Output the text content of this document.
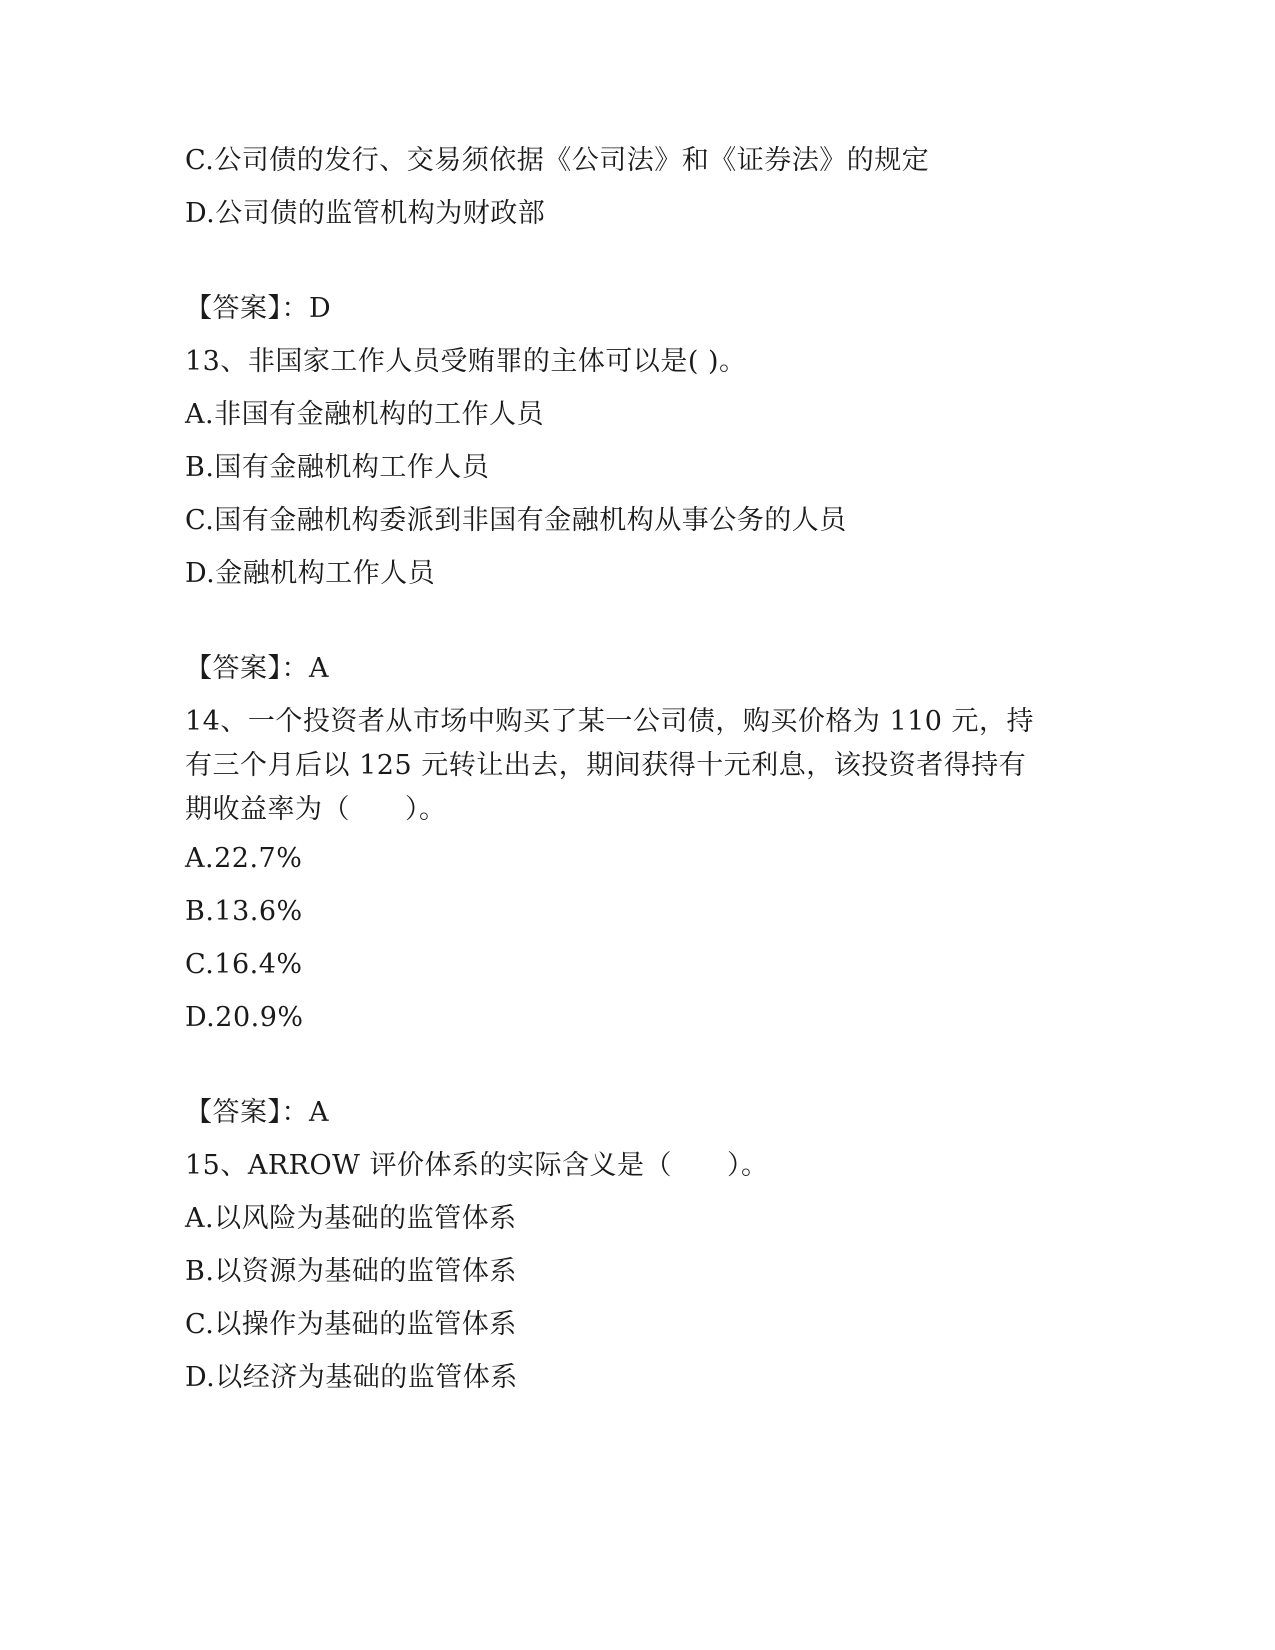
C.公司债的发行、交易须依据《公司法》和《证券法》的规定
D.公司债的监管机构为财政部
【答案】：D
13、非国家工作人员受贿罪的主体可以是( )。
A.非国有金融机构的工作人员
B.国有金融机构工作人员
C.国有金融机构委派到非国有金融机构从事公务的人员
D.金融机构工作人员
【答案】：A
14、一个投资者从市场中购买了某一公司债，购买价格为 110 元，持
有三个月后以 125 元转让出去，期间获得十元利息，该投资者得持有
期收益率为（　　）。
A.22.7%
B.13.6%
C.16.4%
D.20.9%
【答案】：A
15、ARROW 评价体系的实际含义是（　　）。
A.以风险为基础的监管体系
B.以资源为基础的监管体系
C.以操作为基础的监管体系
D.以经济为基础的监管体系
